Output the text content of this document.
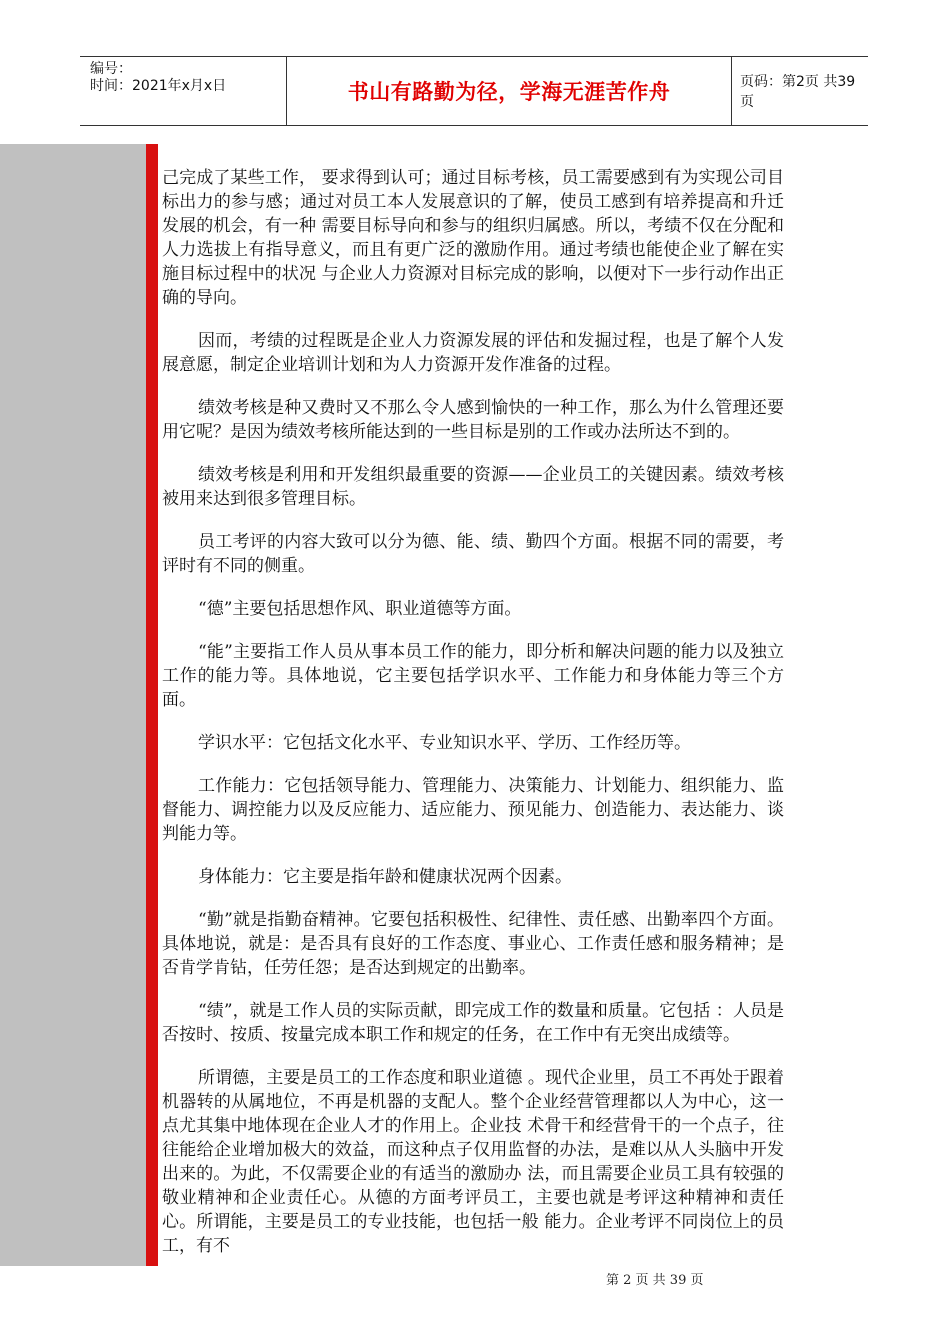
编号：
时间：2021年x月x日	书山有路勤为径，学海无涯苦作舟	页码：第2页 共39页

己完成了某些工作， 要求得到认可；通过目标考核，员工需要感到有为实现公司目标出力的参与感；通过对员工本人发展意识的了解，使员工感到有培养提高和升迁发展的机会，有一种 需要目标导向和参与的组织归属感。所以，考绩不仅在分配和人力选拔上有指导意义，而且有更广泛的激励作用。通过考绩也能使企业了解在实施目标过程中的状况 与企业人力资源对目标完成的影响，以便对下一步行动作出正确的导向。

因而，考绩的过程既是企业人力资源发展的评估和发掘过程，也是了解个人发展意愿，制定企业培训计划和为人力资源开发作准备的过程。

绩效考核是种又费时又不那么令人感到愉快的一种工作，那么为什么管理还要用它呢？是因为绩效考核所能达到的一些目标是别的工作或办法所达不到的。

绩效考核是利用和开发组织最重要的资源——企业员工的关键因素。绩效考核被用来达到很多管理目标。

员工考评的内容大致可以分为德、能、绩、勤四个方面。根据不同的需要，考评时有不同的侧重。

“德”主要包括思想作风、职业道德等方面。

“能”主要指工作人员从事本员工作的能力，即分析和解决问题的能力以及独立工作的能力等。具体地说，它主要包括学识水平、工作能力和身体能力等三个方面。

学识水平：它包括文化水平、专业知识水平、学历、工作经历等。

工作能力：它包括领导能力、管理能力、决策能力、计划能力、组织能力、监督能力、调控能力以及反应能力、适应能力、预见能力、创造能力、表达能力、谈判能力等。

身体能力：它主要是指年龄和健康状况两个因素。

“勤”就是指勤奋精神。它要包括积极性、纪律性、责任感、出勤率四个方面。具体地说，就是：是否具有良好的工作态度、事业心、工作责任感和服务精神；是否肯学肯钻，任劳任怨；是否达到规定的出勤率。

“绩”，就是工作人员的实际贡献，即完成工作的数量和质量。它包括 ：人员是否按时、按质、按量完成本职工作和规定的任务，在工作中有无突出成绩等。

所谓德，主要是员工的工作态度和职业道德 。现代企业里，员工不再处于跟着机器转的从属地位，不再是机器的支配人。整个企业经营管理都以人为中心，这一点尤其集中地体现在企业人才的作用上。企业技 术骨干和经营骨干的一个点子，往往能给企业增加极大的效益，而这种点子仅用监督的办法，是难以从人头脑中开发出来的。为此，不仅需要企业的有适当的激励办 法，而且需要企业员工具有较强的敬业精神和企业责任心。从德的方面考评员工，主要也就是考评这种精神和责任心。所谓能，主要是员工的专业技能，也包括一般 能力。企业考评不同岗位上的员工，有不

第 2 页 共 39 页
